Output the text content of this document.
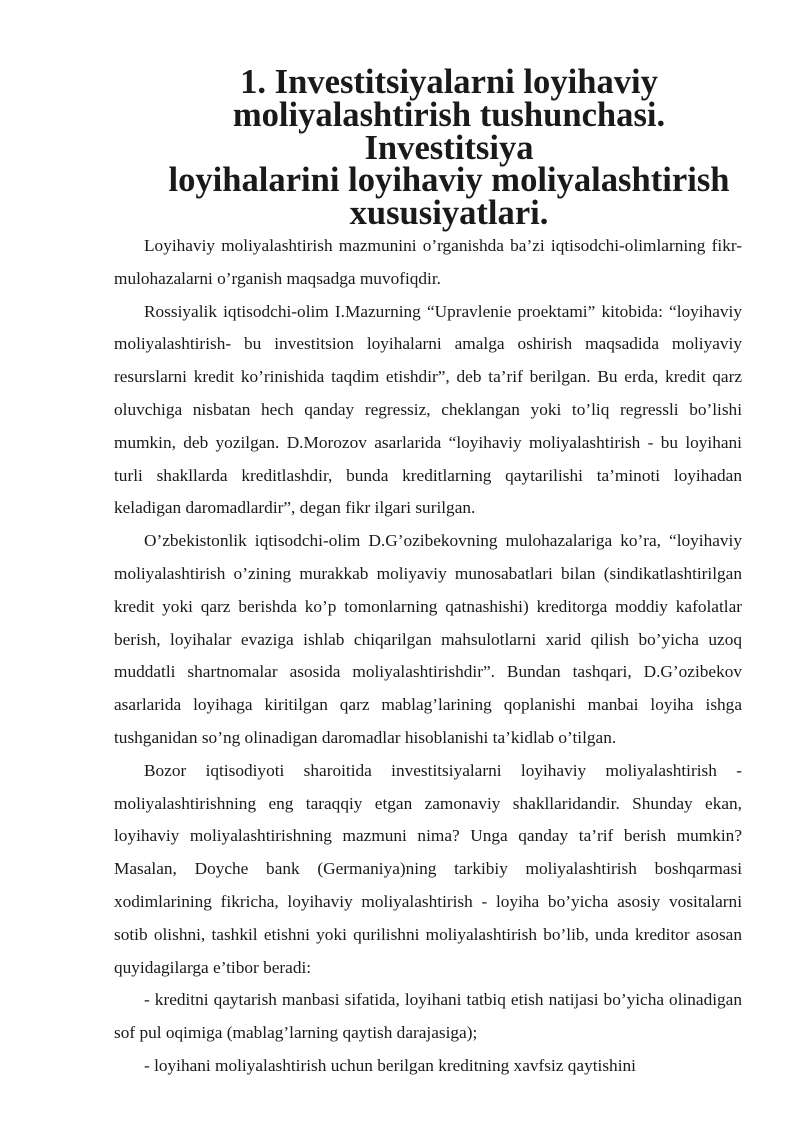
1. Investitsiyalarni loyihaviy moliyalashtirish tushunchasi. Investitsiya
loyihalarini loyihaviy moliyalashtirish xususiyatlari.

Loyihaviy moliyalashtirish mazmunini o’rganishda ba’zi iqtisodchi-olimlarning fikr-mulohazalarni o’rganish maqsadga muvofiqdir.

Rossiyalik iqtisodchi-olim I.Mazurning “Upravlenie proektami” kitobida: “loyihaviy moliyalashtirish- bu investitsion loyihalarni amalga oshirish maqsadida moliyaviy resurslarni kredit ko’rinishida taqdim etishdir”, deb ta’rif berilgan. Bu erda, kredit qarz oluvchiga nisbatan hech qanday regressiz, cheklangan yoki to’liq regressli bo’lishi mumkin, deb yozilgan. D.Morozov asarlarida “loyihaviy moliyalashtirish - bu loyihani turli shakllarda kreditlashdir, bunda kreditlarning qaytarilishi ta’minoti loyihadan keladigan daromadlardir”, degan fikr ilgari surilgan.

O’zbekistonlik iqtisodchi-olim D.G’ozibekovning mulohazalariga ko’ra, “loyihaviy moliyalashtirish o’zining murakkab moliyaviy munosabatlari bilan (sindikatlashtirilgan kredit yoki qarz berishda ko’p tomonlarning qatnashishi) kreditorga moddiy kafolatlar berish, loyihalar evaziga ishlab chiqarilgan mahsulotlarni xarid qilish bo’yicha uzoq muddatli shartnomalar asosida moliyalashtirishdir”. Bundan tashqari, D.G’ozibekov asarlarida loyihaga kiritilgan qarz mablag’larining qoplanishi manbai loyiha ishga tushganidan so’ng olinadigan daromadlar hisoblanishi ta’kidlab o’tilgan.

Bozor iqtisodiyoti sharoitida investitsiyalarni loyihaviy moliyalashtirish - moliyalashtirishning eng taraqqiy etgan zamonaviy shakllaridandir. Shunday ekan, loyihaviy moliyalashtirishning mazmuni nima? Unga qanday ta’rif berish mumkin? Masalan, Doyche bank (Germaniya)ning tarkibiy moliyalashtirish boshqarmasi xodimlarining fikricha, loyihaviy moliyalashtirish - loyiha bo’yicha asosiy vositalarni sotib olishni, tashkil etishni yoki qurilishni moliyalashtirish bo’lib, unda kreditor asosan quyidagilarga e’tibor beradi:

- kreditni qaytarish manbasi sifatida, loyihani tatbiq etish natijasi bo’yicha olinadigan sof pul oqimiga (mablag’larning qaytish darajasiga);

- loyihani moliyalashtirish uchun berilgan kreditning xavfsiz qaytishini
